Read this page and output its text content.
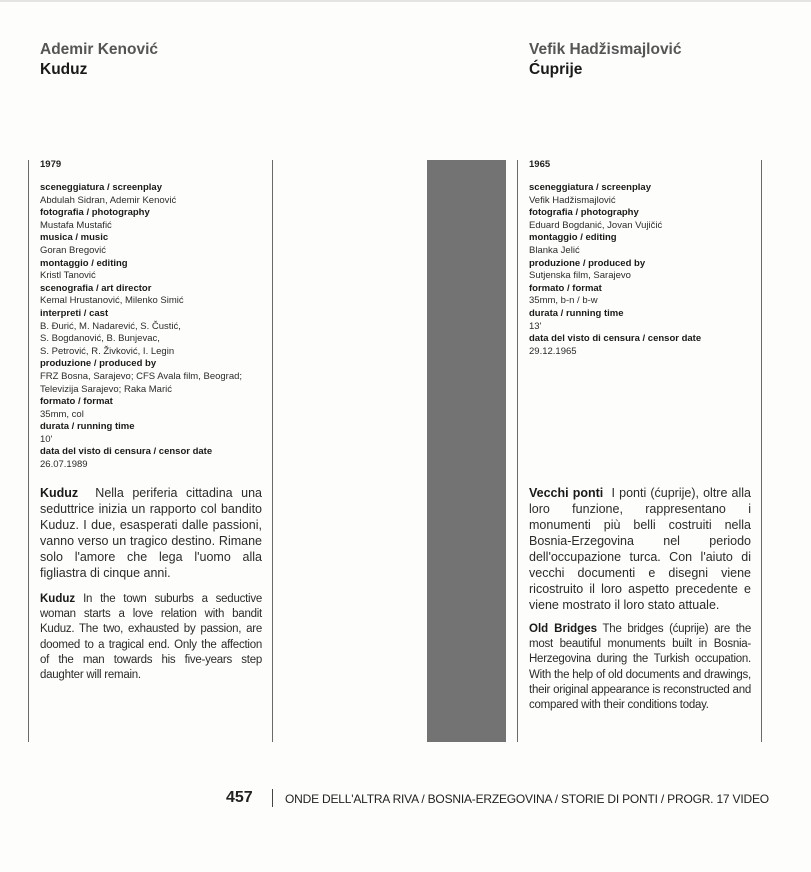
Ademir Kenović
Kuduz
Vefik Hadžismajlović
Ćuprije
1979
sceneggiatura / screenplay
Abdulah Sidran, Ademir Kenović
fotografia / photography
Mustafa Mustafić
musica / music
Goran Bregović
montaggio / editing
Kristl Tanović
scenografia / art director
Kemal Hrustanović, Milenko Simić
interpreti / cast
B. Đurić, M. Nadarević, S. Čustić,
S. Bogdanović, B. Bunjevac,
S. Petrović, R. Živković, I. Legin
produzione / produced by
FRZ Bosna, Sarajevo; CFS Avala film, Beograd;
Televizija Sarajevo; Raka Marić
formato / format
35mm, col
durata / running time
10'
data del visto di censura / censor date
26.07.1989
Kuduz Nella periferia cittadina una seduttrice inizia un rapporto col bandito Kuduz. I due, esasperati dalle passioni, vanno verso un tragico destino. Rimane solo l'amore che lega l'uomo alla figliastra di cinque anni.
Kuduz In the town suburbs a seductive woman starts a love relation with bandit Kuduz. The two, exhausted by passion, are doomed to a tragical end. Only the affection of the man towards his five-years step daughter will remain.
1965
sceneggiatura / screenplay
Vefik Hadžismajlović
fotografia / photography
Eduard Bogdanić, Jovan Vujičić
montaggio / editing
Blanka Jelić
produzione / produced by
Sutjenska film, Sarajevo
formato / format
35mm, b-n / b-w
durata / running time
13'
data del visto di censura / censor date
29.12.1965
Vecchi ponti I ponti (ćuprije), oltre alla loro funzione, rappresentano i monumenti più belli costruiti nella Bosnia-Erzegovina nel periodo dell'occupazione turca. Con l'aiuto di vecchi documenti e disegni viene ricostruito il loro aspetto precedente e viene mostrato il loro stato attuale.
Old Bridges The bridges (ćuprije) are the most beautiful monuments built in Bosnia-Herzegovina during the Turkish occupation. With the help of old documents and drawings, their original appearance is reconstructed and compared with their conditions today.
457	ONDE DELL'ALTRA RIVA / BOSNIA-ERZEGOVINA / STORIE DI PONTI / PROGR. 17 VIDEO
